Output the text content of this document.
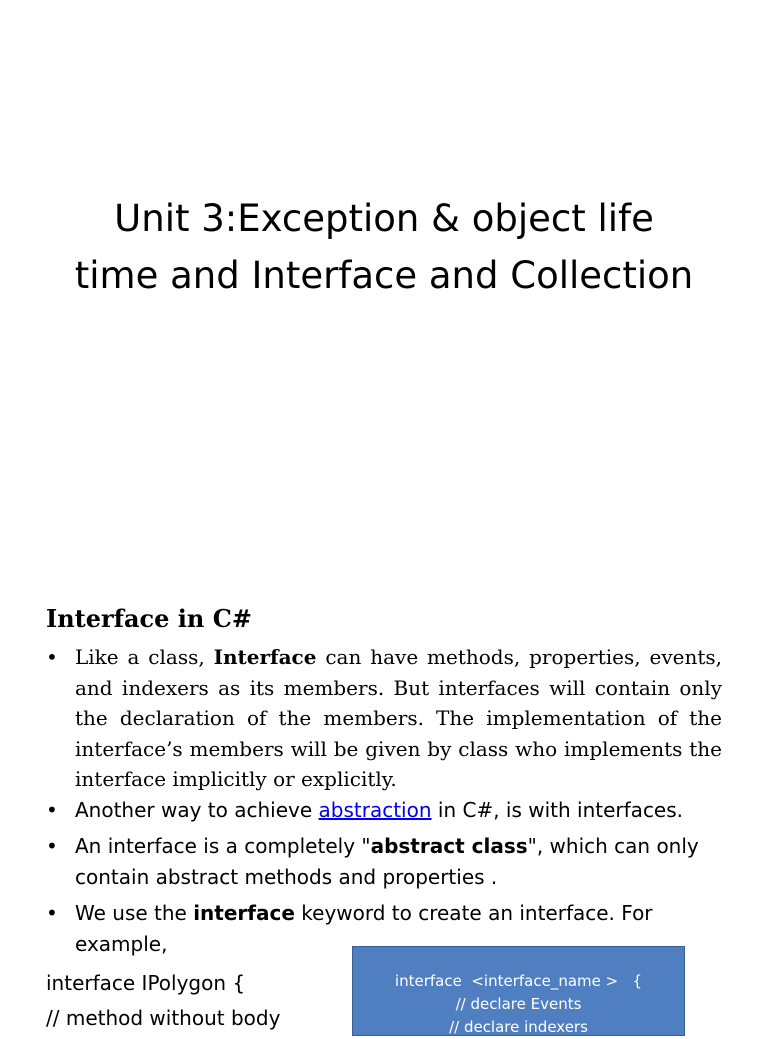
Unit 3:Exception & object life
time and Interface and Collection
Interface in C#
• Like a class, Interface can have methods, properties, events, and indexers as its members. But interfaces will contain only the declaration of the members. The implementation of the interface’s members will be given by class who implements the interface implicitly or explicitly.
• Another way to achieve abstraction in C#, is with interfaces.
• An interface is a completely "abstract class", which can only contain abstract methods and properties .
• We use the interface keyword to create an interface. For example,
interface IPolygon {
// method without body
interface  <interface_name >   {
// declare Events
// declare indexers
